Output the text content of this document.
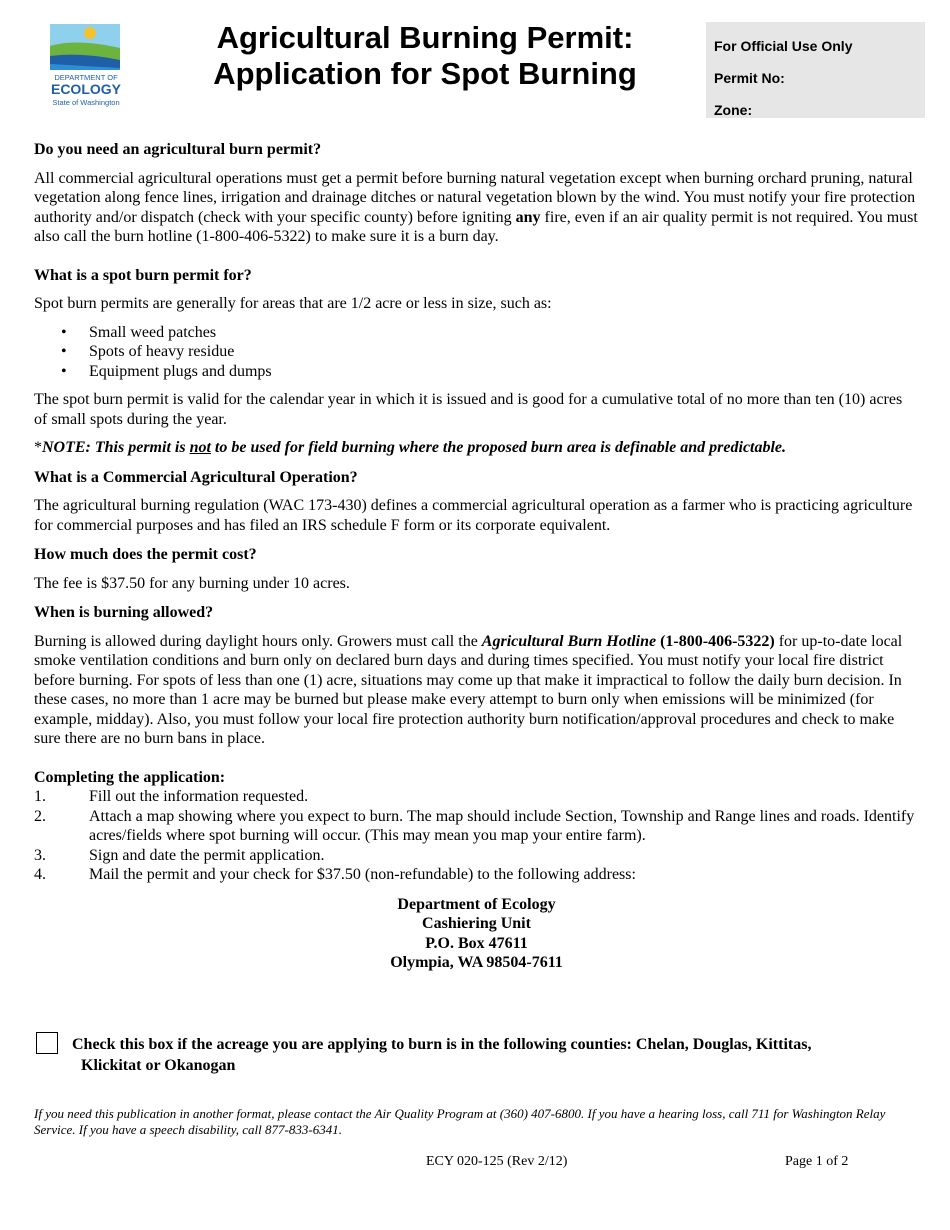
DEPARTMENT OF
ECOLOGY
State of Washington
Agricultural Burning Permit:
Application for Spot Burning
For Official Use Only
Permit No:
Zone:
Do you need an agricultural burn permit?

All commercial agricultural operations must get a permit before burning natural vegetation except when burning orchard pruning, natural vegetation along fence lines, irrigation and drainage ditches or natural vegetation blown by the wind. You must notify your fire protection authority and/or dispatch (check with your specific county) before igniting any fire, even if an air quality permit is not required. You must also call the burn hotline (1-800-406-5322) to make sure it is a burn day.

What is a spot burn permit for?

Spot burn permits are generally for areas that are 1/2 acre or less in size, such as:

• Small weed patches
• Spots of heavy residue
• Equipment plugs and dumps

The spot burn permit is valid for the calendar year in which it is issued and is good for a cumulative total of no more than ten (10) acres of small spots during the year.

*NOTE: This permit is not to be used for field burning where the proposed burn area is definable and predictable.

What is a Commercial Agricultural Operation?

The agricultural burning regulation (WAC 173-430) defines a commercial agricultural operation as a farmer who is practicing agriculture for commercial purposes and has filed an IRS schedule F form or its corporate equivalent.

How much does the permit cost?

The fee is $37.50 for any burning under 10 acres.

When is burning allowed?

Burning is allowed during daylight hours only. Growers must call the Agricultural Burn Hotline (1-800-406-5322) for up-to-date local smoke ventilation conditions and burn only on declared burn days and during times specified. You must notify your local fire district before burning. For spots of less than one (1) acre, situations may come up that make it impractical to follow the daily burn decision. In these cases, no more than 1 acre may be burned but please make every attempt to burn only when emissions will be minimized (for example, midday). Also, you must follow your local fire protection authority burn notification/approval procedures and check to make sure there are no burn bans in place.

Completing the application:
1.	Fill out the information requested.
2.	Attach a map showing where you expect to burn. The map should include Section, Township and Range lines and roads. Identify acres/fields where spot burning will occur. (This may mean you map your entire farm).
3.	Sign and date the permit application.
4.	Mail the permit and your check for $37.50 (non-refundable) to the following address:
Department of Ecology
Cashiering Unit
P.O. Box 47611
Olympia, WA 98504-7611
Check this box if the acreage you are applying to burn is in the following counties: Chelan, Douglas, Kittitas,
Klickitat or Okanogan
If you need this publication in another format, please contact the Air Quality Program at (360) 407-6800. If you have a hearing loss, call 711 for Washington Relay Service. If you have a speech disability, call 877-833-6341.
ECY 020-125 (Rev 2/12)	Page 1 of 2
